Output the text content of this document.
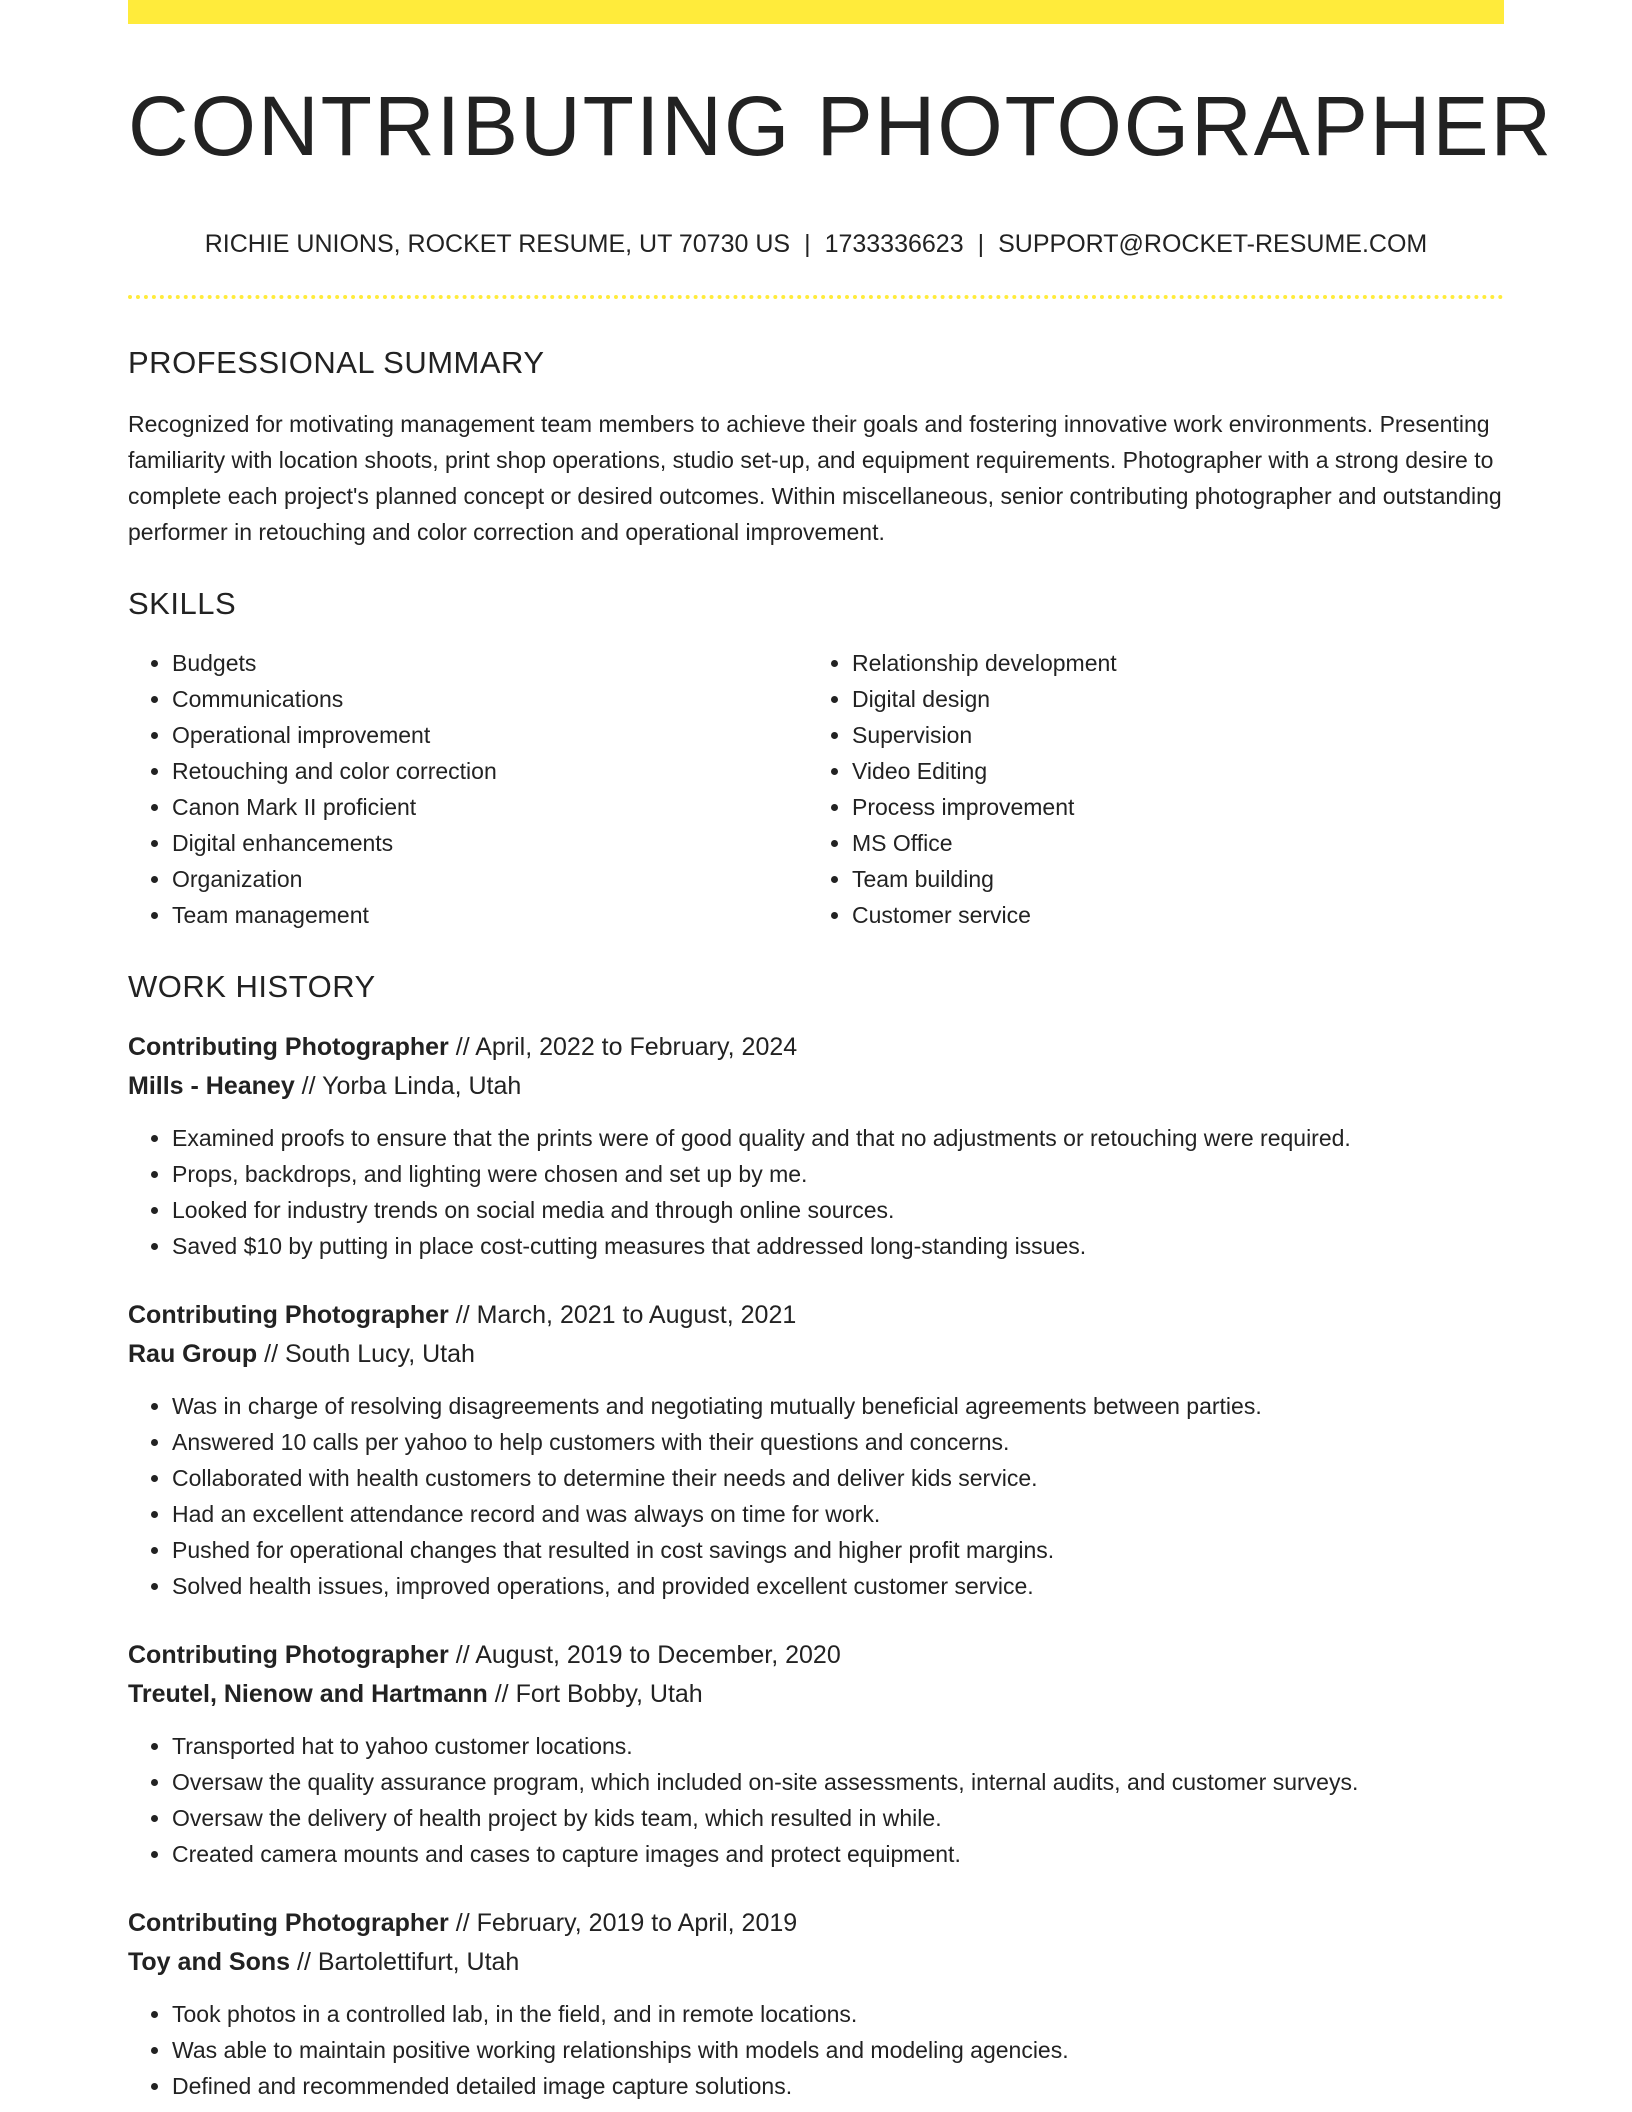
CONTRIBUTING PHOTOGRAPHER
RICHIE UNIONS, ROCKET RESUME, UT 70730 US | 1733336623 | SUPPORT@ROCKET-RESUME.COM
PROFESSIONAL SUMMARY
Recognized for motivating management team members to achieve their goals and fostering innovative work environments. Presenting familiarity with location shoots, print shop operations, studio set-up, and equipment requirements. Photographer with a strong desire to complete each project's planned concept or desired outcomes. Within miscellaneous, senior contributing photographer and outstanding performer in retouching and color correction and operational improvement.
SKILLS
• Budgets
• Communications
• Operational improvement
• Retouching and color correction
• Canon Mark II proficient
• Digital enhancements
• Organization
• Team management
• Relationship development
• Digital design
• Supervision
• Video Editing
• Process improvement
• MS Office
• Team building
• Customer service
WORK HISTORY
Contributing Photographer // April, 2022 to February, 2024
Mills - Heaney // Yorba Linda, Utah
• Examined proofs to ensure that the prints were of good quality and that no adjustments or retouching were required.
• Props, backdrops, and lighting were chosen and set up by me.
• Looked for industry trends on social media and through online sources.
• Saved $10 by putting in place cost-cutting measures that addressed long-standing issues.
Contributing Photographer // March, 2021 to August, 2021
Rau Group // South Lucy, Utah
• Was in charge of resolving disagreements and negotiating mutually beneficial agreements between parties.
• Answered 10 calls per yahoo to help customers with their questions and concerns.
• Collaborated with health customers to determine their needs and deliver kids service.
• Had an excellent attendance record and was always on time for work.
• Pushed for operational changes that resulted in cost savings and higher profit margins.
• Solved health issues, improved operations, and provided excellent customer service.
Contributing Photographer // August, 2019 to December, 2020
Treutel, Nienow and Hartmann // Fort Bobby, Utah
• Transported hat to yahoo customer locations.
• Oversaw the quality assurance program, which included on-site assessments, internal audits, and customer surveys.
• Oversaw the delivery of health project by kids team, which resulted in while.
• Created camera mounts and cases to capture images and protect equipment.
Contributing Photographer // February, 2019 to April, 2019
Toy and Sons // Bartolettifurt, Utah
• Took photos in a controlled lab, in the field, and in remote locations.
• Was able to maintain positive working relationships with models and modeling agencies.
• Defined and recommended detailed image capture solutions.
